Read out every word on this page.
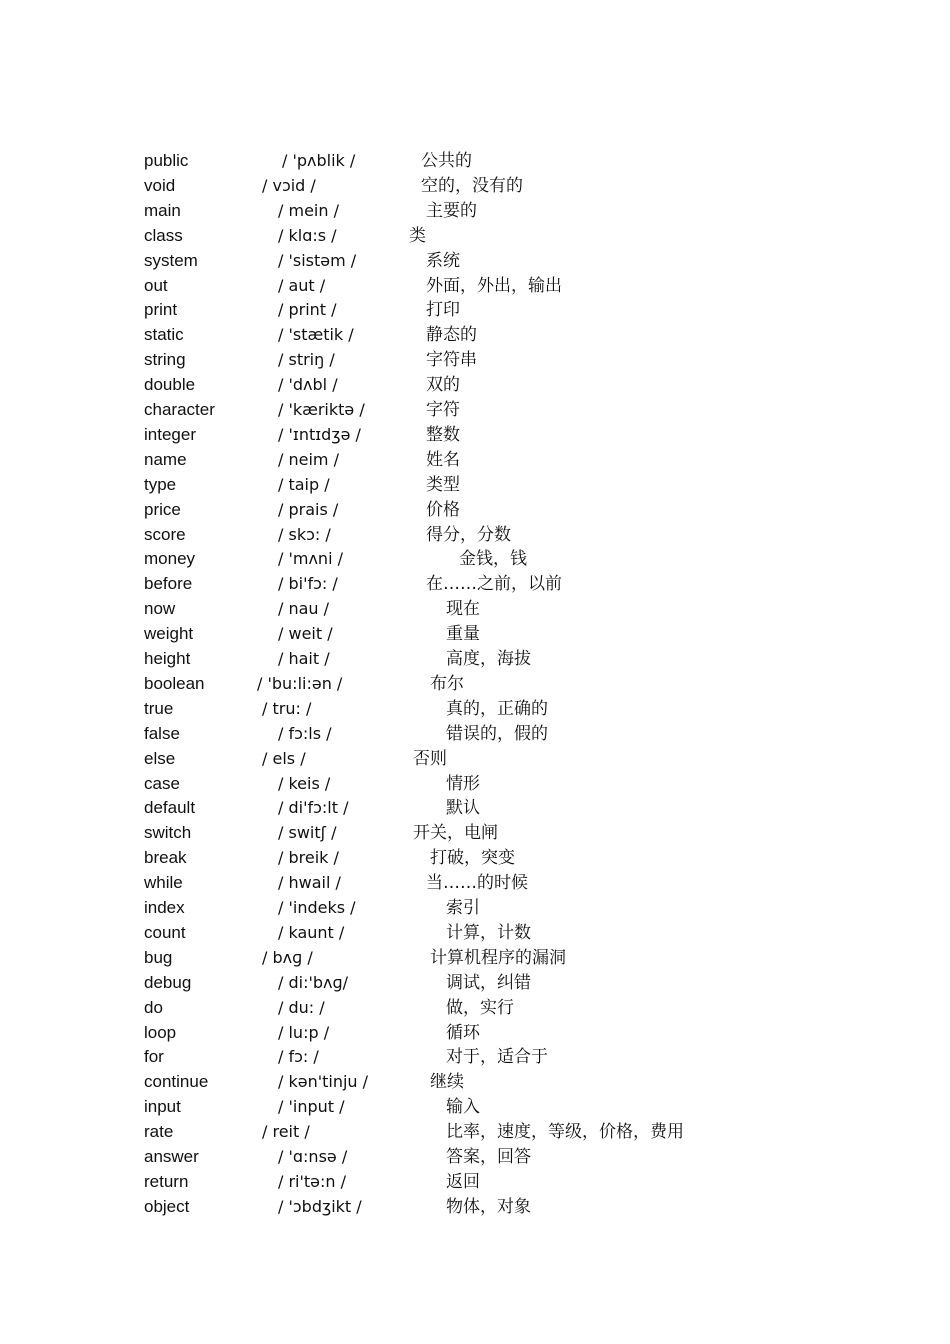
public	/ 'pʌblik /	公共的
void	/ vɔid /	空的，没有的
main	/ mein /	主要的
class	/ klɑ:s /	类
system	/ 'sistəm /	系统
out	/ aut /	外面，外出，输出
print	/ print /	打印
static	/ 'stætik /	静态的
string	/ striŋ /	字符串
double	/ 'dʌbl /	双的
character	/ 'kæriktə /	字符
integer	/ 'ɪntɪdʒə /	整数
name	/ neim /	姓名
type	/ taip /	类型
price	/ prais /	价格
score	/ skɔ: /	得分，分数
money	/ 'mʌni /	金钱，钱
before	/ bi'fɔ: /	在……之前，以前
now	/ nau /	现在
weight	/ weit /	重量
height	/ hait /	高度，海拔
boolean	/ 'bu:li:ən /	布尔
true	/ tru: /	真的，正确的
false	/ fɔ:ls /	错误的，假的
else	/ els /	否则
case	/ keis /	情形
default	/ di'fɔ:lt /	默认
switch	/ switʃ /	开关，电闸
break	/ breik /	打破，突变
while	/ hwail /	当……的时候
index	/ 'indeks /	索引
count	/ kaunt /	计算，计数
bug	/ bʌɡ /	计算机程序的漏洞
debug	/ di:'bʌɡ/	调试，纠错
do	/ du: /	做，实行
loop	/ lu:p /	循环
for	/ fɔ: /	对于，适合于
continue	/ kən'tinju /	继续
input	/ 'input /	输入
rate	/ reit /	比率，速度，等级，价格，费用
answer	/ 'ɑ:nsə /	答案，回答
return	/ ri'tə:n /	返回
object	/ 'ɔbdʒikt /	物体，对象
